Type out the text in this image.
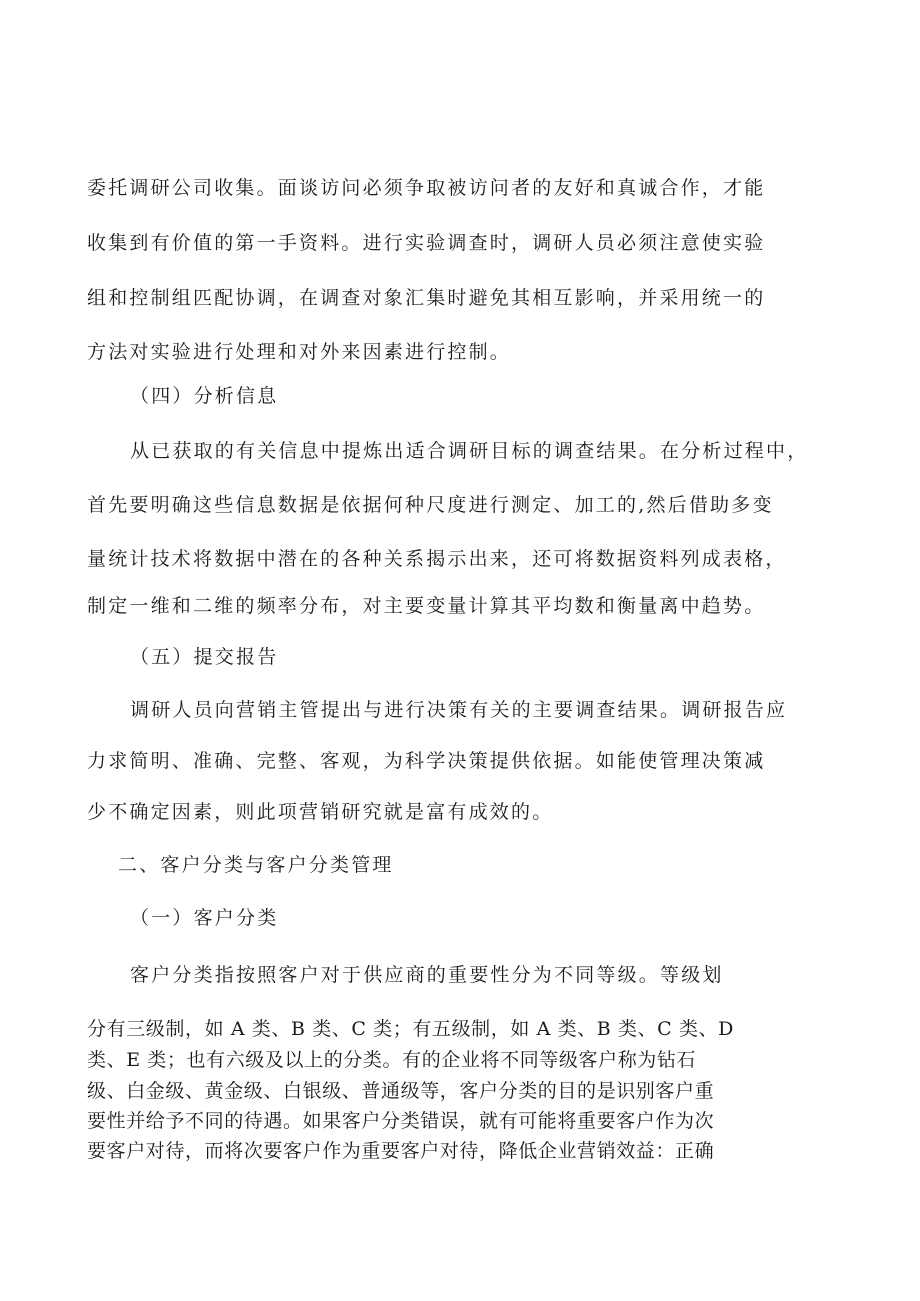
委托调研公司收集。面谈访问必须争取被访问者的友好和真诚合作，才能
收集到有价值的第一手资料。进行实验调查时，调研人员必须注意使实验
组和控制组匹配协调，在调查对象汇集时避免其相互影响，并采用统一的
方法对实验进行处理和对外来因素进行控制。
（四）分析信息
从已获取的有关信息中提炼出适合调研目标的调查结果。在分析过程中，
首先要明确这些信息数据是依据何种尺度进行测定、加工的,然后借助多变
量统计技术将数据中潜在的各种关系揭示出来，还可将数据资料列成表格，
制定一维和二维的频率分布，对主要变量计算其平均数和衡量离中趋势。
（五）提交报告
调研人员向营销主管提出与进行决策有关的主要调查结果。调研报告应
力求简明、准确、完整、客观，为科学决策提供依据。如能使管理决策减
少不确定因素，则此项营销研究就是富有成效的。
二、客户分类与客户分类管理
（一）客户分类
客户分类指按照客户对于供应商的重要性分为不同等级。等级划
分有三级制，如 A 类、B 类、C 类；有五级制，如 A 类、B 类、C 类、D
类、E 类；也有六级及以上的分类。有的企业将不同等级客户称为钻石
级、白金级、黄金级、白银级、普通级等，客户分类的目的是识别客户重
要性并给予不同的待遇。如果客户分类错误，就有可能将重要客户作为次
要客户对待，而将次要客户作为重要客户对待，降低企业营销效益：正确
